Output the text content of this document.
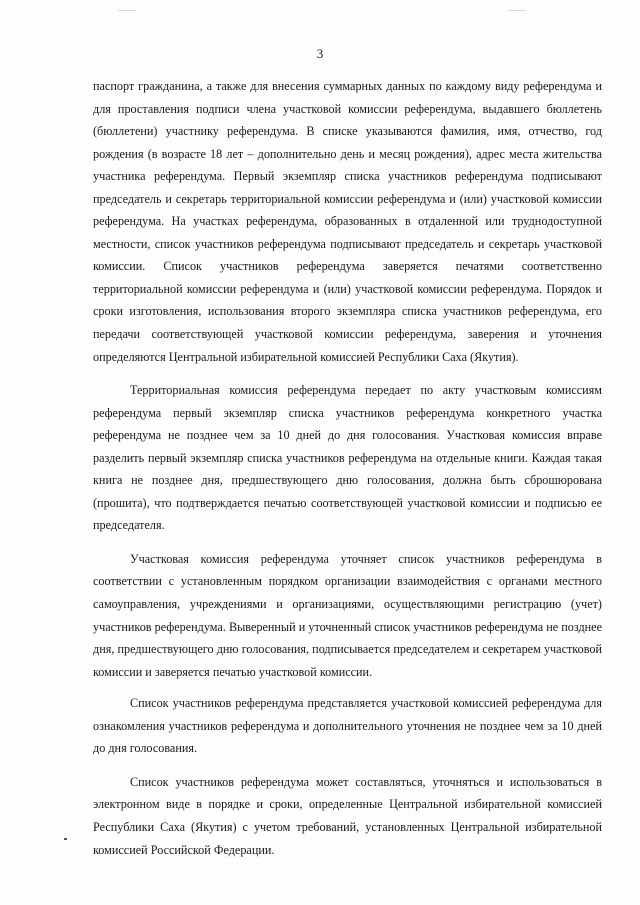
3

паспорт гражданина, а также для внесения суммарных данных по каждому виду референдума и для проставления подписи члена участковой комиссии референдума, выдавшего бюллетень (бюллетени) участнику референдума. В списке указываются фамилия, имя, отчество, год рождения (в возрасте 18 лет – дополнительно день и месяц рождения), адрес места жительства участника референдума. Первый экземпляр списка участников референдума подписывают председатель и секретарь территориальной комиссии референдума и (или) участковой комиссии референдума. На участках референдума, образованных в отдаленной или труднодоступной местности, список участников референдума подписывают председатель и секретарь участковой комиссии. Список участников референдума заверяется печатями соответственно территориальной комиссии референдума и (или) участковой комиссии референдума. Порядок и сроки изготовления, использования второго экземпляра списка участников референдума, его передачи соответствующей участковой комиссии референдума, заверения и уточнения определяются Центральной избирательной комиссией Республики Саха (Якутия).

Территориальная комиссия референдума передает по акту участковым комиссиям референдума первый экземпляр списка участников референдума конкретного участка референдума не позднее чем за 10 дней до дня голосования. Участковая комиссия вправе разделить первый экземпляр списка участников референдума на отдельные книги. Каждая такая книга не позднее дня, предшествующего дню голосования, должна быть сброшюрована (прошита), что подтверждается печатью соответствующей участковой комиссии и подписью ее председателя.

Участковая комиссия референдума уточняет список участников референдума в соответствии с установленным порядком организации взаимодействия с органами местного самоуправления, учреждениями и организациями, осуществляющими регистрацию (учет) участников референдума. Выверенный и уточненный список участников референдума не позднее дня, предшествующего дню голосования, подписывается председателем и секретарем участковой комиссии и заверяется печатью участковой комиссии.

Список участников референдума представляется участковой комиссией референдума для ознакомления участников референдума и дополнительного уточнения не позднее чем за 10 дней до дня голосования.

Список участников референдума может составляться, уточняться и использоваться в электронном виде в порядке и сроки, определенные Центральной избирательной комиссией Республики Саха (Якутия) с учетом требований, установленных Центральной избирательной комиссией Российской Федерации.
